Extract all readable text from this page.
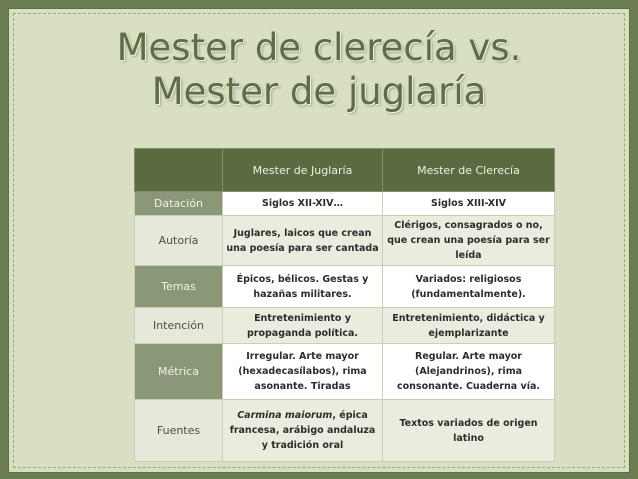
Mester de clerecía vs.
Mester de juglaría
	Mester de Juglaría	Mester de Clerecía
Datación	Siglos XII-XIV…	Siglos XIII-XIV
Autoría	Juglares, laicos que crean una poesía para ser cantada	Clérigos, consagrados o no, que crean una poesía para ser leída
Temas	Épicos, bélicos. Gestas y hazañas militares.	Variados: religiosos (fundamentalmente).
Intención	Entretenimiento y propaganda política.	Entretenimiento, didáctica y ejemplarizante
Métrica	Irregular. Arte mayor (hexadecasílabos), rima asonante. Tiradas	Regular. Arte mayor (Alejandrinos), rima consonante. Cuaderna vía.
Fuentes	Carmina maiorum, épica francesa, arábigo andaluza y tradición oral	Textos variados de origen latino
